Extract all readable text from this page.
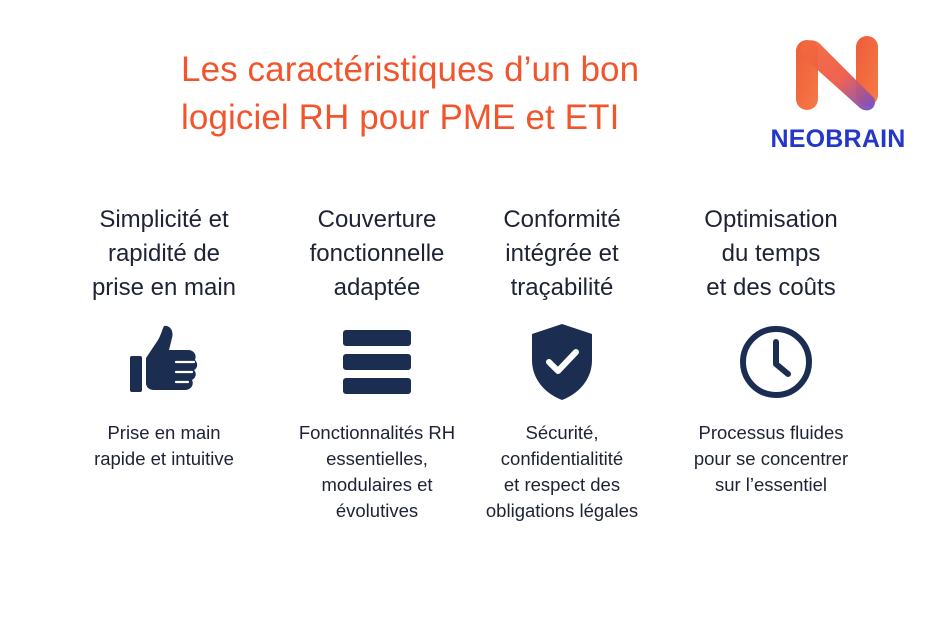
Les caractéristiques d’un bon
logiciel RH pour PME et ETI
NEOBRAIN
Simplicité et
rapidité de
prise en main

Prise en main
rapide et intuitive

Couverture
fonctionnelle
adaptée

Fonctionnalités RH
essentielles,
modulaires et
évolutives

Conformité
intégrée et
traçabilité

Sécurité,
confidentialitité
et respect des
obligations légales

Optimisation
du temps
et des coûts

Processus fluides
pour se concentrer
sur l’essentiel
